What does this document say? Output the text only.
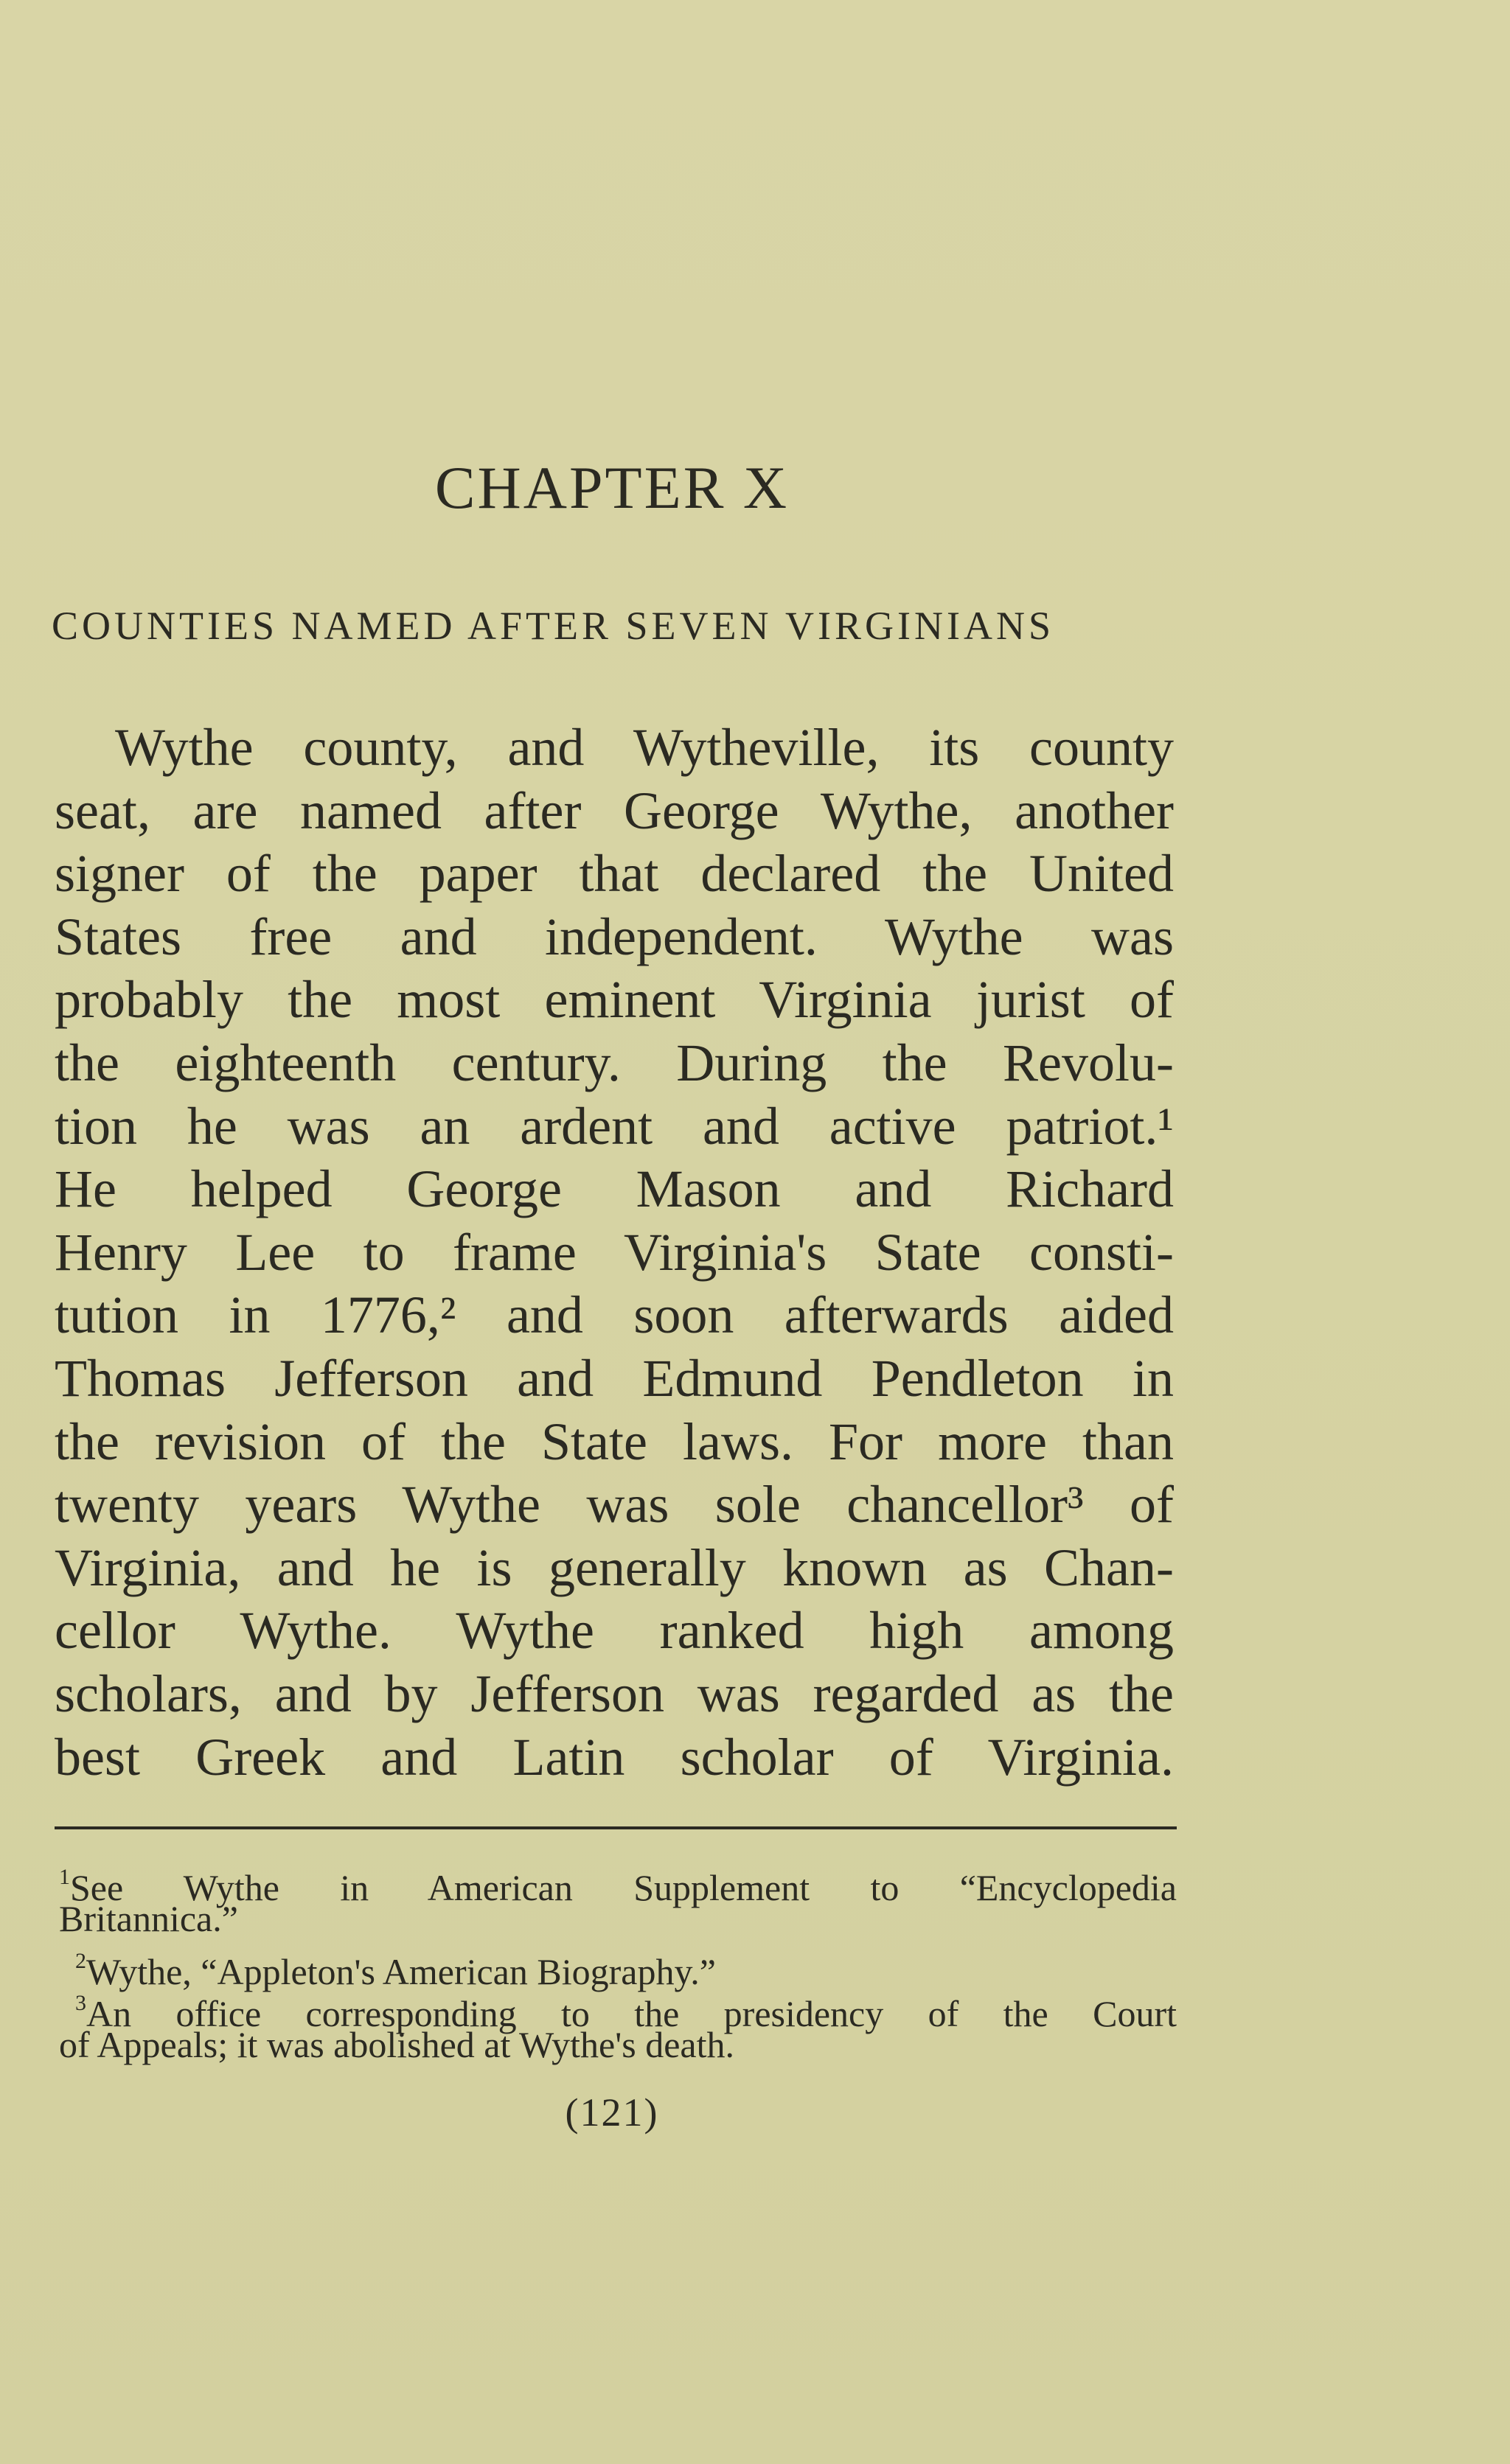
CHAPTER X
COUNTIES NAMED AFTER SEVEN VIRGINIANS
Wythe county, and Wytheville, its county
seat, are named after George Wythe, another
signer of the paper that declared the United
States free and independent. Wythe was
probably the most eminent Virginia jurist of
the eighteenth century. During the Revolu-
tion he was an ardent and active patriot.¹
He helped George Mason and Richard
Henry Lee to frame Virginia's State consti-
tution in 1776,² and soon afterwards aided
Thomas Jefferson and Edmund Pendleton in
the revision of the State laws. For more than
twenty years Wythe was sole chancellor³ of
Virginia, and he is generally known as Chan-
cellor Wythe. Wythe ranked high among
scholars, and by Jefferson was regarded as the
best Greek and Latin scholar of Virginia.
$^1$See Wythe in American Supplement to “Encyclopedia
Britannica.”
$^2$Wythe, “Appleton's American Biography.”
$^3$An office corresponding to the presidency of the Court
of Appeals; it was abolished at Wythe's death.
(121)
